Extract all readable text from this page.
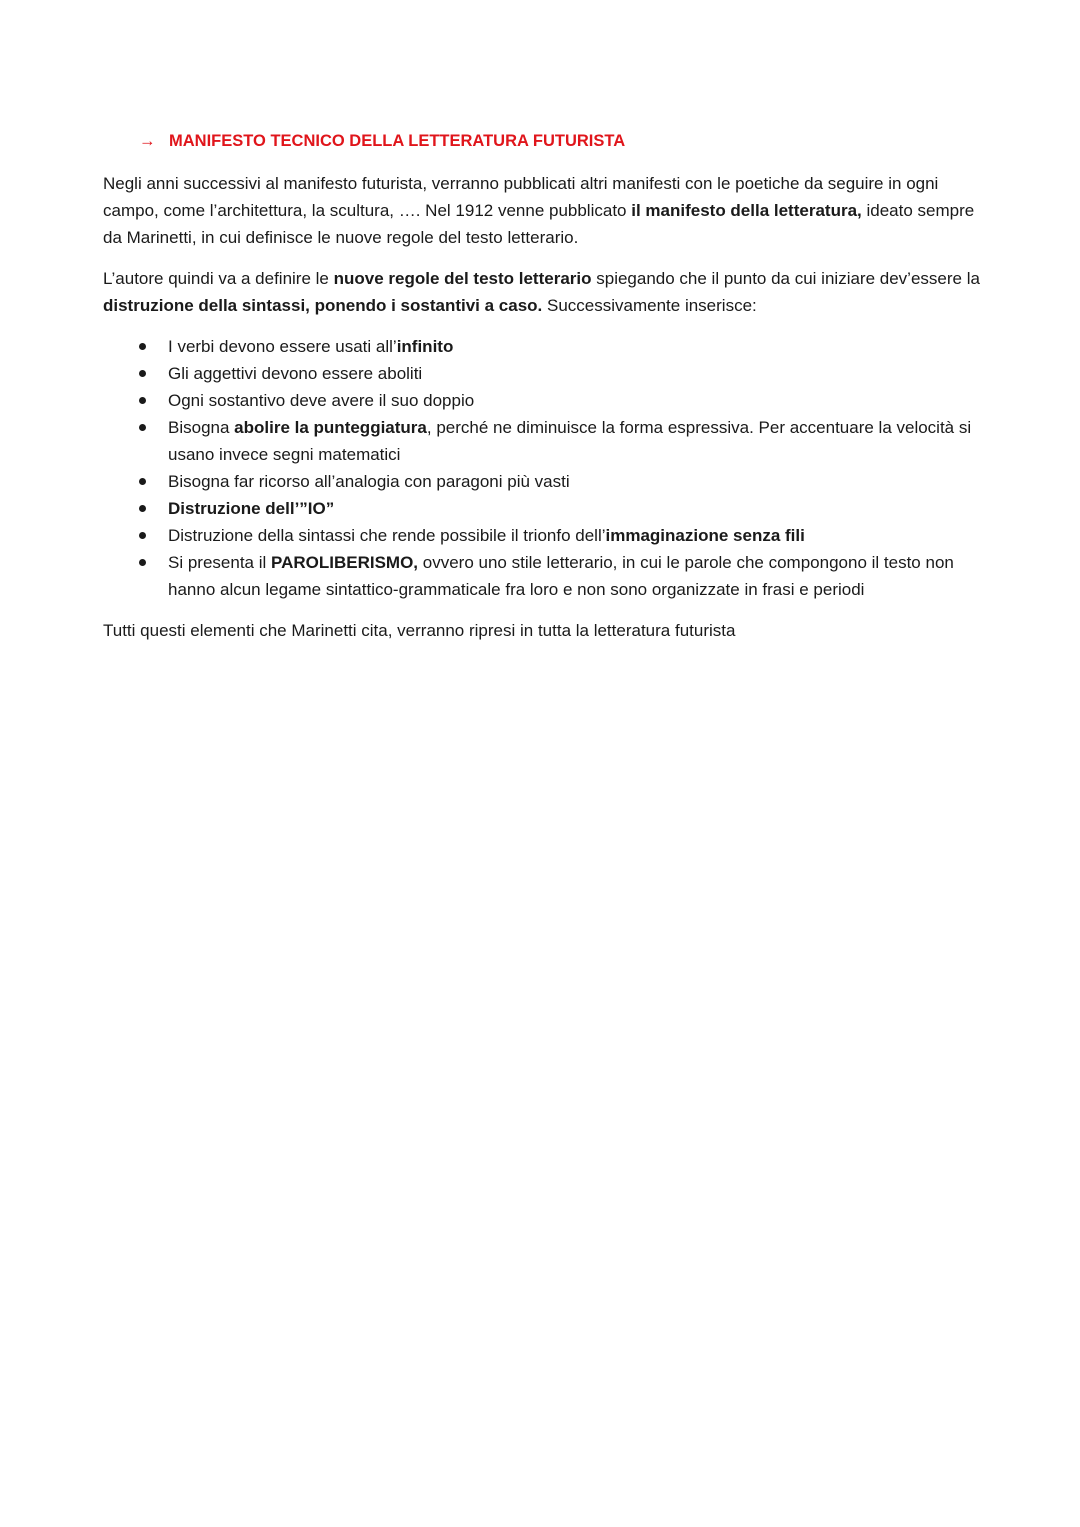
→ MANIFESTO TECNICO DELLA LETTERATURA FUTURISTA

Negli anni successivi al manifesto futurista, verranno pubblicati altri manifesti con le poetiche da seguire in ogni campo, come l’architettura, la scultura, …. Nel 1912 venne pubblicato il manifesto della letteratura, ideato sempre da Marinetti, in cui definisce le nuove regole del testo letterario.

L’autore quindi va a definire le nuove regole del testo letterario spiegando che il punto da cui iniziare dev’essere la distruzione della sintassi, ponendo i sostantivi a caso. Successivamente inserisce:

I verbi devono essere usati all’infinito
Gli aggettivi devono essere aboliti
Ogni sostantivo deve avere il suo doppio
Bisogna abolire la punteggiatura, perché ne diminuisce la forma espressiva. Per accentuare la velocità si usano invece segni matematici
Bisogna far ricorso all’analogia con paragoni più vasti
Distruzione dell’”IO”
Distruzione della sintassi che rende possibile il trionfo dell’immaginazione senza fili
Si presenta il PAROLIBERISMO, ovvero uno stile letterario, in cui le parole che compongono il testo non hanno alcun legame sintattico-grammaticale fra loro e non sono organizzate in frasi e periodi

Tutti questi elementi che Marinetti cita, verranno ripresi in tutta la letteratura futurista
